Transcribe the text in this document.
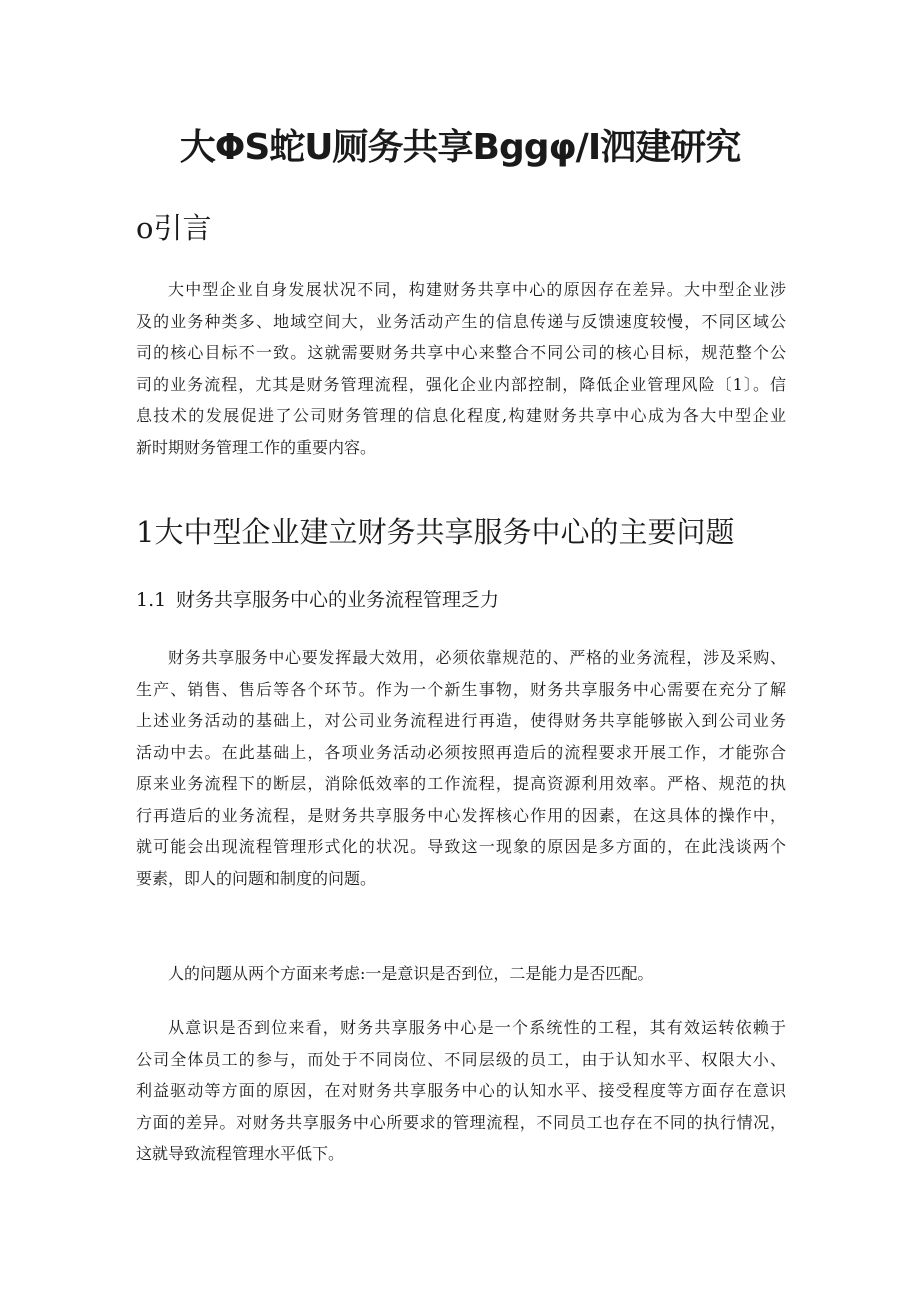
大ΦS蛇U厕务共享Bggφ∕Ι泗建研究
o引言

大中型企业自身发展状况不同，构建财务共享中心的原因存在差异。大中型企业涉
及的业务种类多、地域空间大，业务活动产生的信息传递与反馈速度较慢，不同区域公
司的核心目标不一致。这就需要财务共享中心来整合不同公司的核心目标，规范整个公
司的业务流程，尤其是财务管理流程，强化企业内部控制，降低企业管理风险〔1〕。信
息技术的发展促进了公司财务管理的信息化程度,构建财务共享中心成为各大中型企业
新时期财务管理工作的重要内容。

1大中型企业建立财务共享服务中心的主要问题
1.1 财务共享服务中心的业务流程管理乏力

财务共享服务中心要发挥最大效用，必须依靠规范的、严格的业务流程，涉及采购、
生产、销售、售后等各个环节。作为一个新生事物，财务共享服务中心需要在充分了解
上述业务活动的基础上，对公司业务流程进行再造，使得财务共享能够嵌入到公司业务
活动中去。在此基础上，各项业务活动必须按照再造后的流程要求开展工作，才能弥合
原来业务流程下的断层，消除低效率的工作流程，提高资源利用效率。严格、规范的执
行再造后的业务流程，是财务共享服务中心发挥核心作用的因素，在这具体的操作中，
就可能会出现流程管理形式化的状况。导致这一现象的原因是多方面的，在此浅谈两个
要素，即人的问题和制度的问题。

人的问题从两个方面来考虑:一是意识是否到位，二是能力是否匹配。

从意识是否到位来看，财务共享服务中心是一个系统性的工程，其有效运转依赖于
公司全体员工的参与，而处于不同岗位、不同层级的员工，由于认知水平、权限大小、
利益驱动等方面的原因，在对财务共享服务中心的认知水平、接受程度等方面存在意识
方面的差异。对财务共享服务中心所要求的管理流程，不同员工也存在不同的执行情况，
这就导致流程管理水平低下。
